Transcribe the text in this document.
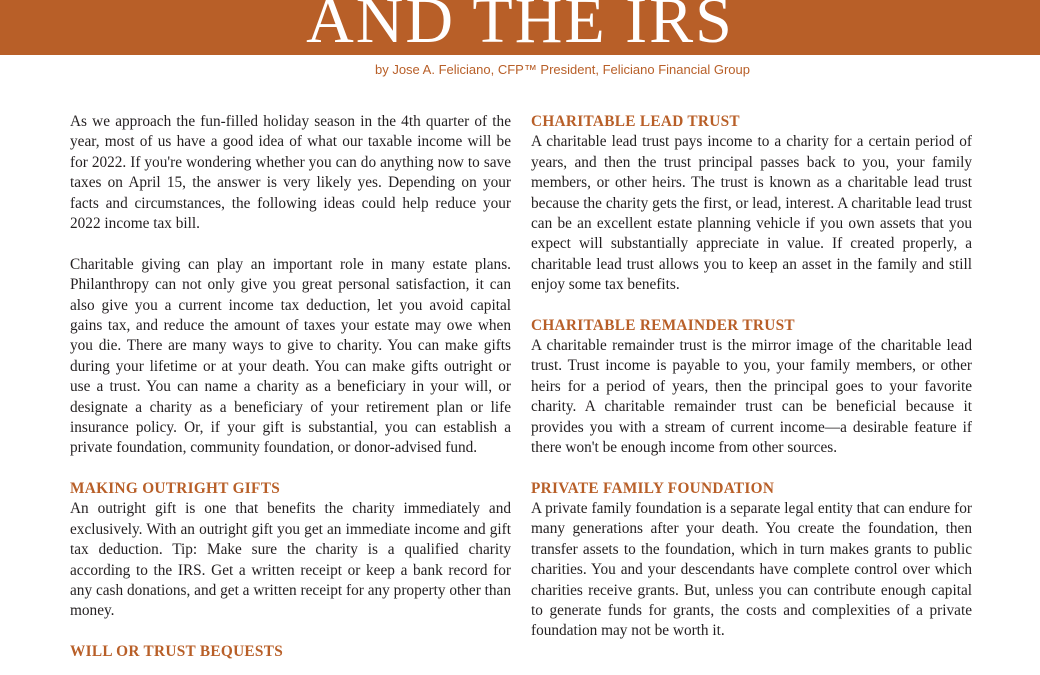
AND THE IRS
by Jose A. Feliciano, CFP™ President, Feliciano Financial Group

As we approach the fun-filled holiday season in the 4th quarter of the year, most of us have a good idea of what our taxable income will be for 2022. If you're wondering whether you can do anything now to save taxes on April 15, the answer is very likely yes. Depending on your facts and circumstances, the following ideas could help reduce your 2022 income tax bill.

Charitable giving can play an important role in many estate plans. Philanthropy can not only give you great personal satisfaction, it can also give you a current income tax deduction, let you avoid capital gains tax, and reduce the amount of taxes your estate may owe when you die. There are many ways to give to charity. You can make gifts during your lifetime or at your death. You can make gifts outright or use a trust. You can name a charity as a beneficiary in your will, or designate a charity as a beneficiary of your retirement plan or life insurance policy. Or, if your gift is substantial, you can establish a private foundation, community foundation, or donor-advised fund.

MAKING OUTRIGHT GIFTS

An outright gift is one that benefits the charity immediately and exclusively. With an outright gift you get an immediate income and gift tax deduction. Tip: Make sure the charity is a qualified charity according to the IRS. Get a written receipt or keep a bank record for any cash donations, and get a written receipt for any property other than money.

WILL OR TRUST BEQUESTS
CHARITABLE LEAD TRUST

A charitable lead trust pays income to a charity for a certain period of years, and then the trust principal passes back to you, your family members, or other heirs. The trust is known as a charitable lead trust because the charity gets the first, or lead, interest. A charitable lead trust can be an excellent estate planning vehicle if you own assets that you expect will substantially appreciate in value. If created properly, a charitable lead trust allows you to keep an asset in the family and still enjoy some tax benefits.

CHARITABLE REMAINDER TRUST

A charitable remainder trust is the mirror image of the charitable lead trust. Trust income is payable to you, your family members, or other heirs for a period of years, then the principal goes to your favorite charity. A charitable remainder trust can be beneficial because it provides you with a stream of current income—a desirable feature if there won't be enough income from other sources.

PRIVATE FAMILY FOUNDATION

A private family foundation is a separate legal entity that can endure for many generations after your death. You create the foundation, then transfer assets to the foundation, which in turn makes grants to public charities. You and your descendants have complete control over which charities receive grants. But, unless you can contribute enough capital to generate funds for grants, the costs and complexities of a private foundation may not be worth it.
